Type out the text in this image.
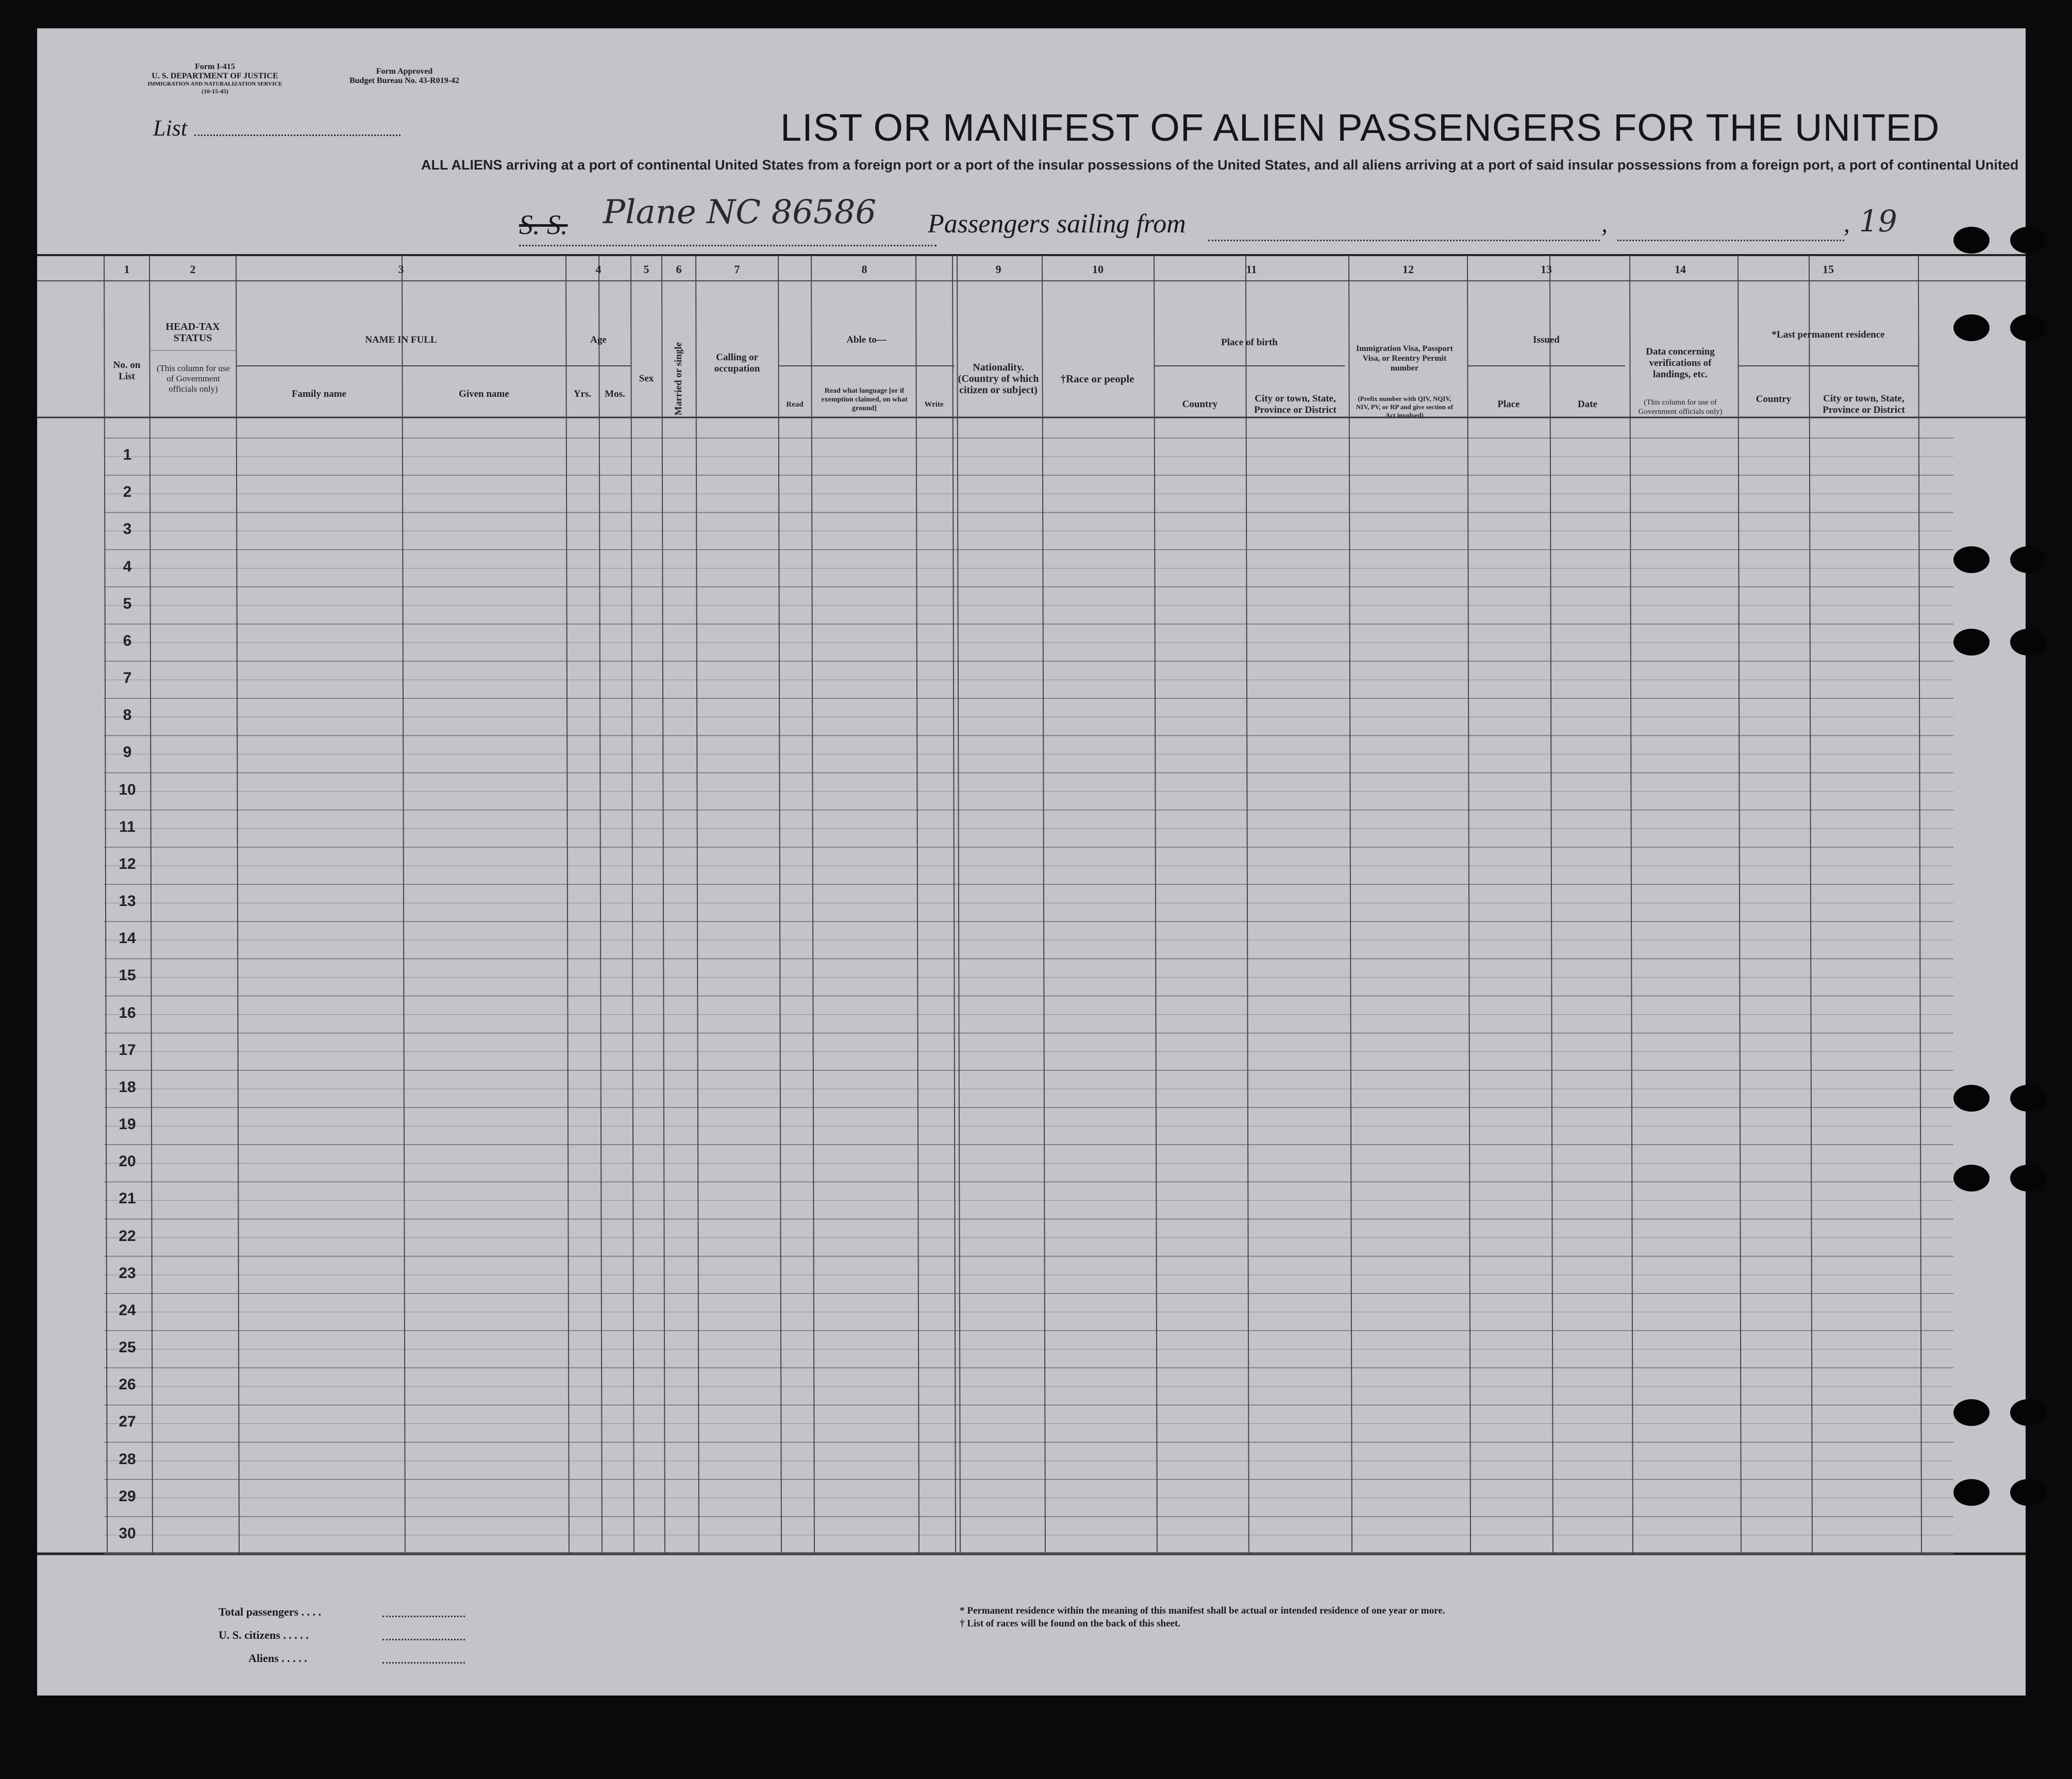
Form I-415
U. S. DEPARTMENT OF JUSTICE
IMMIGRATION AND NATURALIZATION SERVICE
(10-15-45)
Form Approved
Budget Bureau No. 43-R019-42
List	LIST OR MANIFEST OF ALIEN PASSENGERS FOR THE UNITED
ALL ALIENS arriving at a port of continental United States from a foreign port or a port of the insular possessions of the United States, and all aliens arriving at a port of said insular possessions from a foreign port, a port of continental United
S. S. Plane NC 86586 Passengers sailing from	,	, 19
1	2	3	4	5	6	7	8	9	10	11	12	13	14	15
No. on List
HEAD-TAX STATUS
(This column for use of Government officials only)
NAME IN FULL
Family name	Given name
Age
Yrs.	Mos.
Sex	Married or single	Calling or occupation
Able to—
Read
Read what language [or if exemption claimed, on what ground]	Write
Nationality. (Country of which citizen or subject)
†Race or people
Place of birth
Country
City or town, State, Province or District
Immigration Visa, Passport Visa, or Reentry Permit number
(Prefix number with QIV, NQIV, NIV, PV, or RP and give section of Act involved)
Issued
Place	Date
Data concerning verifications of landings, etc.
(This column for use of Government officials only)
*Last permanent residence
Country	City or town, State, Province or District
1
2
3
4
5
6
7
8
9
10
11
12
13
14
15
16
17
18
19
20
21
22
23
24
25
26
27
28
29
30
Total passengers . . . .
U. S. citizens . . . . .
Aliens . . . . .
* Permanent residence within the meaning of this manifest shall be actual or intended residence of one year or more.
† List of races will be found on the back of this sheet.
